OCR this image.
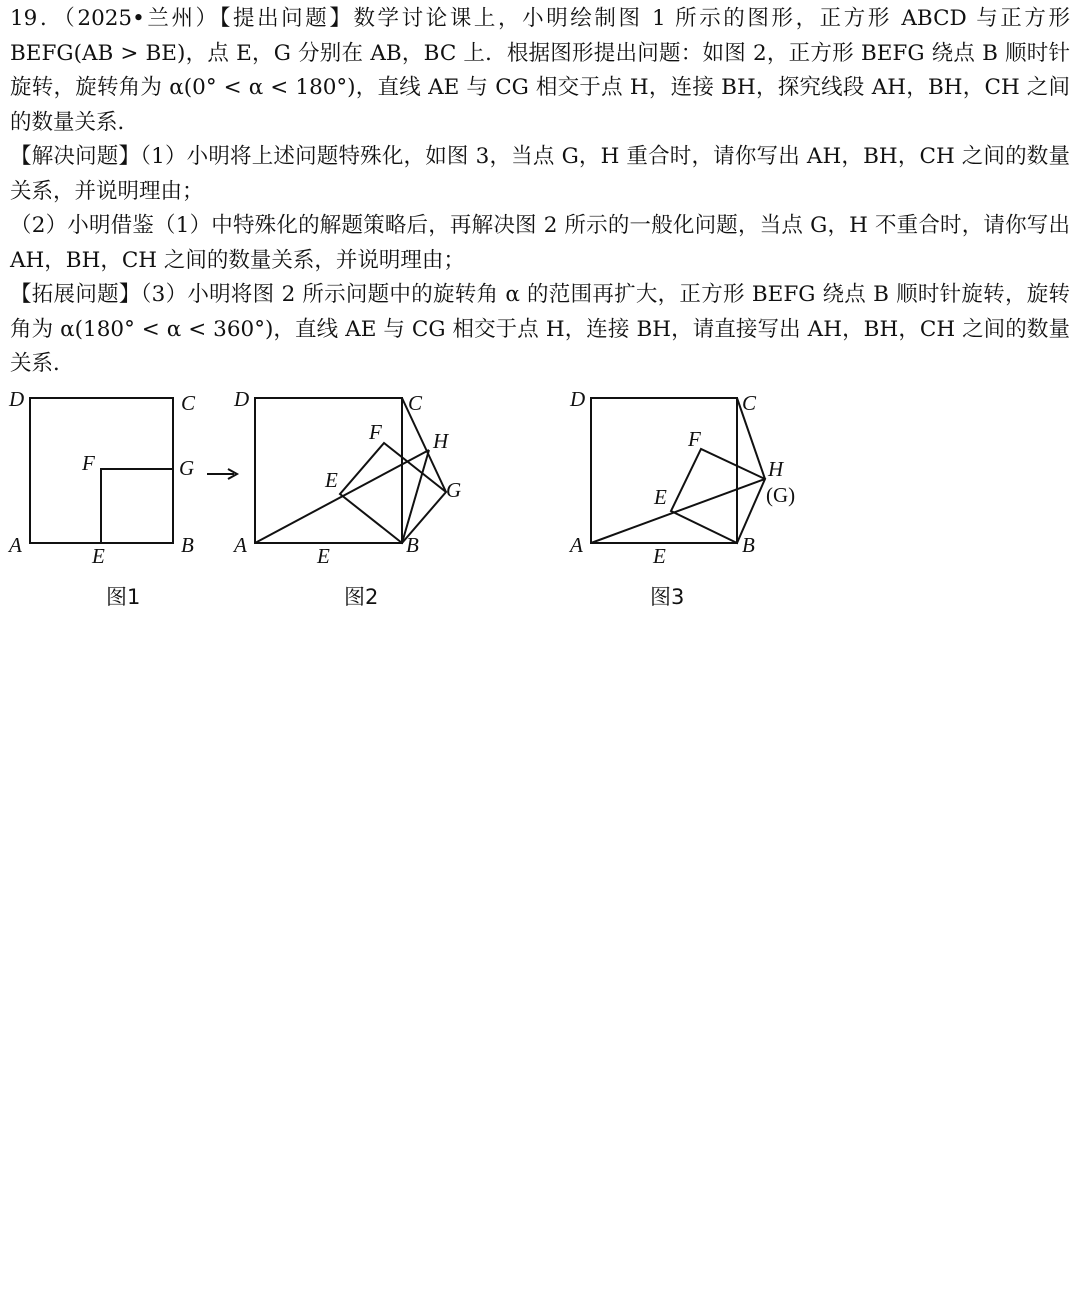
19．（2025•兰州）【提出问题】数学讨论课上，小明绘制图 1 所示的图形，正方形 ABCD 与正方形 BEFG(AB > BE)，点 E，G 分别在 AB，BC 上．根据图形提出问题：如图 2，正方形 BEFG 绕点 B 顺时针旋转，旋转角为 α(0° < α < 180°)，直线 AE 与 CG 相交于点 H，连接 BH，探究线段 AH，BH，CH 之间的数量关系．

【解决问题】（1）小明将上述问题特殊化，如图 3，当点 G，H 重合时，请你写出 AH，BH，CH 之间的数量关系，并说明理由；

（2）小明借鉴（1）中特殊化的解题策略后，再解决图 2 所示的一般化问题，当点 G，H 不重合时，请你写出 AH，BH，CH 之间的数量关系，并说明理由；

【拓展问题】（3）小明将图 2 所示问题中的旋转角 α 的范围再扩大，正方形 BEFG 绕点 B 顺时针旋转，旋转角为 α(180° < α < 360°)，直线 AE 与 CG 相交于点 H，连接 BH，请直接写出 AH，BH，CH 之间的数量关系．

D	C
F	G
A	B
E
图1
D	C
F H
E	G
A	B
E
图2
D	C
F
H
(G)
E
A	B
E
图3
→
